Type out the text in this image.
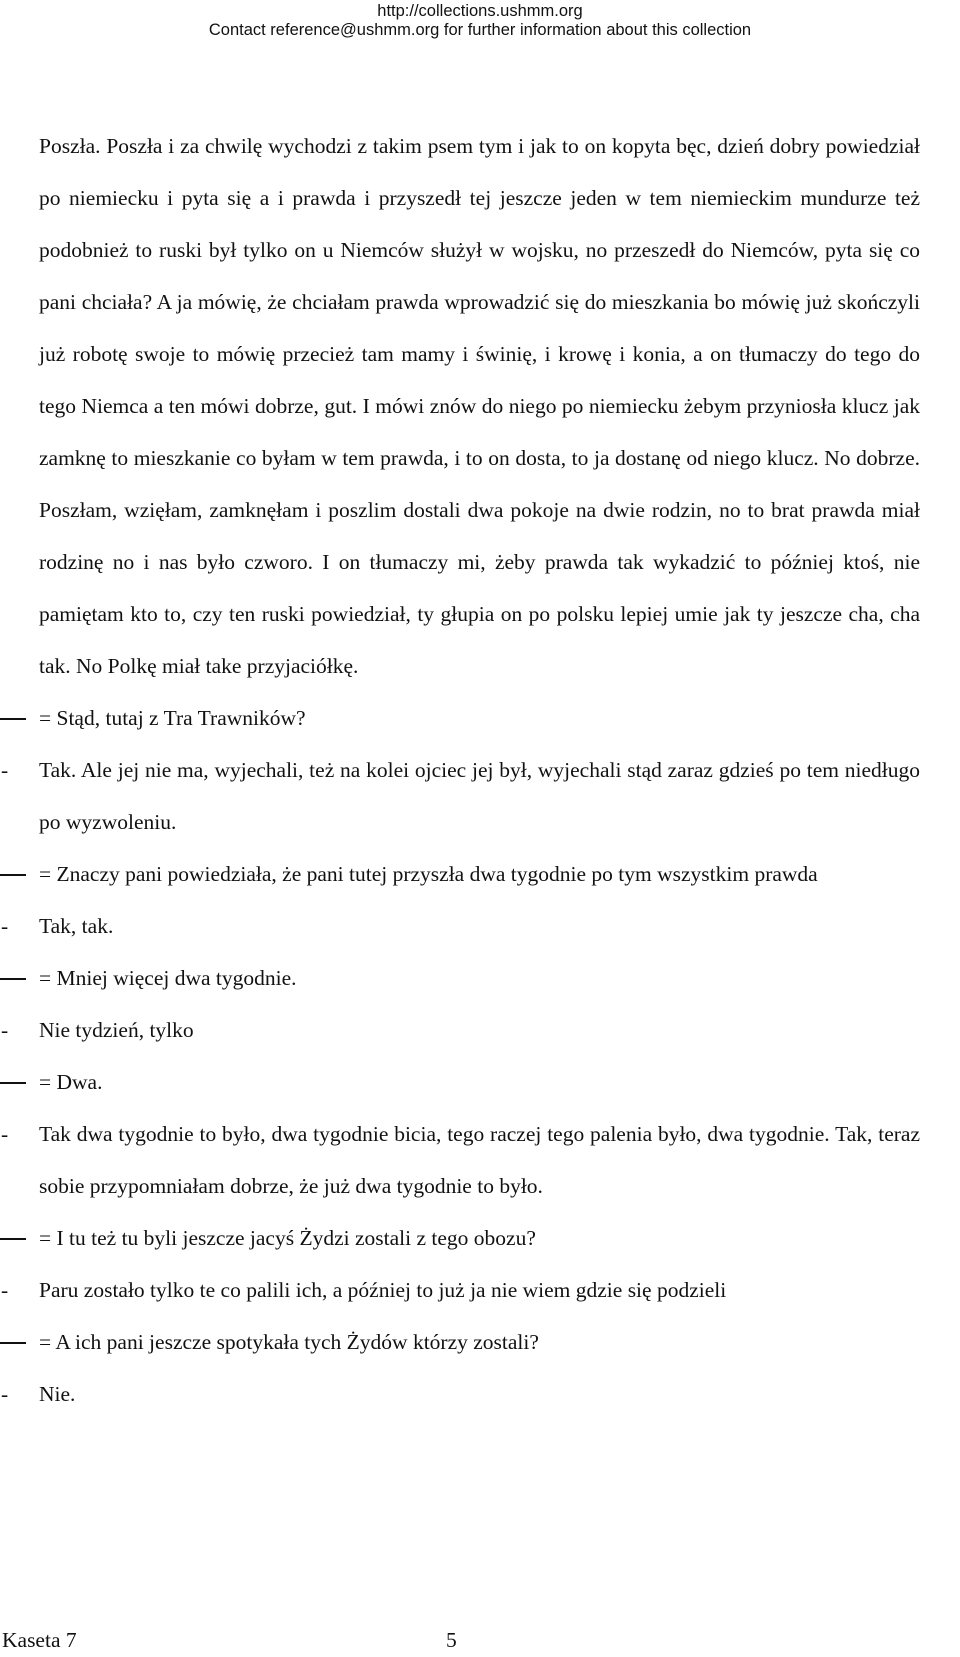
http://collections.ushmm.org
Contact reference@ushmm.org for further information about this collection

Poszła. Poszła i za chwilę wychodzi z takim psem tym i jak to on kopyta bęc, dzień dobry powiedział po niemiecku i pyta się a i prawda i przyszedł tej jeszcze jeden w tem niemieckim mundurze też podobnież to ruski był tylko on u Niemców służył w wojsku, no przeszedł do Niemców, pyta się co pani chciała? A ja mówię, że chciałam prawda wprowadzić się do mieszkania bo mówię już skończyli już robotę swoje to mówię przecież tam mamy i świnię, i krowę i konia, a on tłumaczy do tego do tego Niemca a ten mówi dobrze, gut. I mówi znów do niego po niemiecku żebym przyniosła klucz jak zamknę to mieszkanie co byłam w tem prawda, i to on dosta, to ja dostanę od niego klucz. No dobrze. Poszłam, wzięłam, zamknęłam i poszlim dostali dwa pokoje na dwie rodzin, no to brat prawda miał rodzinę no i nas było czworo. I on tłumaczy mi, żeby prawda tak wykadzić to później ktoś, nie pamiętam kto to, czy ten ruski powiedział, ty głupia on po polsku lepiej umie jak ty jeszcze cha, cha tak. No Polkę miał take przyjaciółkę.

= Stąd, tutaj z Tra Trawników?
- Tak. Ale jej nie ma, wyjechali, też na kolei ojciec jej był, wyjechali stąd zaraz gdzieś po tem niedługo po wyzwoleniu.
= Znaczy pani powiedziała, że pani tutej przyszła dwa tygodnie po tym wszystkim prawda
- Tak, tak.
= Mniej więcej dwa tygodnie.
- Nie tydzień, tylko
= Dwa.
- Tak dwa tygodnie to było, dwa tygodnie bicia, tego raczej tego palenia było, dwa tygodnie. Tak, teraz sobie przypomniałam dobrze, że już dwa tygodnie to było.
= I tu też tu byli jeszcze jacyś Żydzi zostali z tego obozu?
- Paru zostało tylko te co palili ich, a później to już ja nie wiem gdzie się podzieli
= A ich pani jeszcze spotykała tych Żydów którzy zostali?
- Nie.
Kaseta 7	5
